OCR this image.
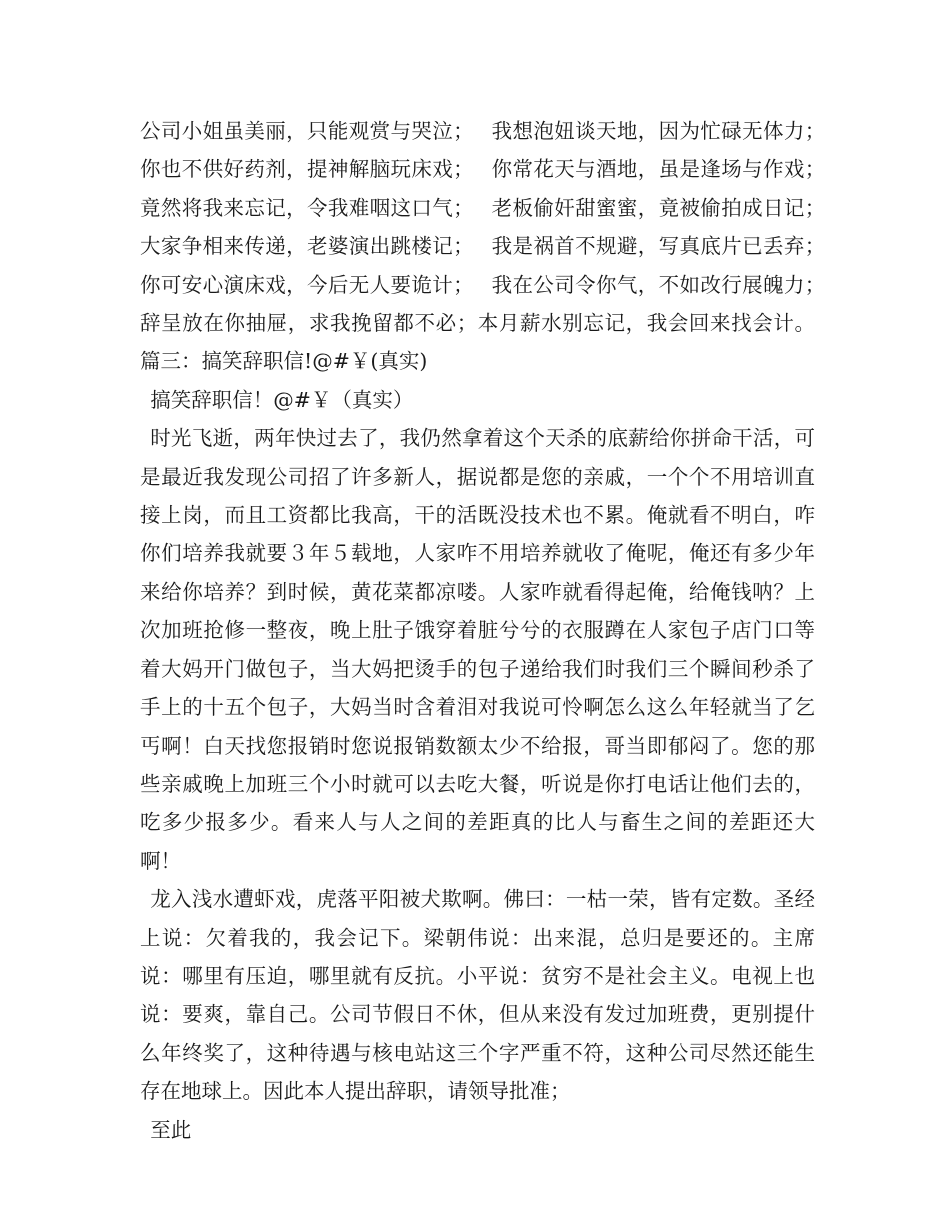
公司小姐虽美丽，只能观赏与哭泣；　 我想泡妞谈天地，因为忙碌无体力；　 你也不供好药剂，提神解脑玩床戏；　 你常花天与酒地，虽是逢场与作戏；　 竟然将我来忘记，令我难咽这口气；　 老板偷奸甜蜜蜜，竟被偷拍成日记；　 大家争相来传递，老婆演出跳楼记；　 我是祸首不规避，写真底片已丢弃；　 你可安心演床戏，今后无人要诡计；　 我在公司令你气，不如改行展魄力；　 辞呈放在你抽屉，求我挽留都不必；本月薪水别忘记，我会回来找会计。篇三：搞笑辞职信!@#￥(真实)

搞笑辞职信！@#￥（真实）

时光飞逝，两年快过去了，我仍然拿着这个天杀的底薪给你拼命干活，可是最近我发现公司招了许多新人，据说都是您的亲戚，一个个不用培训直接上岗，而且工资都比我高，干的活既没技术也不累。俺就看不明白，咋你们培养我就要３年５载地，人家咋不用培养就收了俺呢，俺还有多少年来给你培养？到时候，黄花菜都凉喽。人家咋就看得起俺，给俺钱呐？上次加班抢修一整夜，晚上肚子饿穿着脏兮兮的衣服蹲在人家包子店门口等着大妈开门做包子，当大妈把烫手的包子递给我们时我们三个瞬间秒杀了手上的十五个包子，大妈当时含着泪对我说可怜啊怎么这么年轻就当了乞丐啊！白天找您报销时您说报销数额太少不给报，哥当即郁闷了。您的那些亲戚晚上加班三个小时就可以去吃大餐，听说是你打电话让他们去的，吃多少报多少。看来人与人之间的差距真的比人与畜生之间的差距还大啊！

龙入浅水遭虾戏，虎落平阳被犬欺啊。佛曰：一枯一荣，皆有定数。圣经上说：欠着我的，我会记下。梁朝伟说：出来混，总归是要还的。主席说：哪里有压迫，哪里就有反抗。小平说：贫穷不是社会主义。电视上也说：要爽，靠自己。公司节假日不休，但从来没有发过加班费，更别提什么年终奖了，这种待遇与核电站这三个字严重不符，这种公司尽然还能生存在地球上。因此本人提出辞职，请领导批准；

至此
